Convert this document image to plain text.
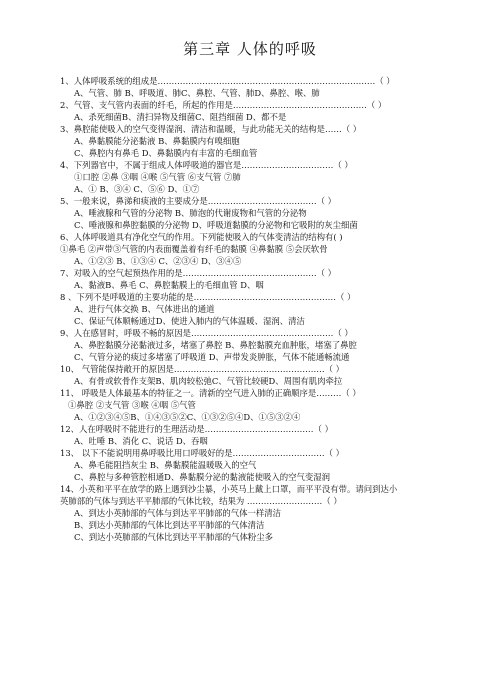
第三章 人体的呼吸
1、人体呼吸系统的组成是……………………………………………………………………（ ）
A、气管、肺 B、呼吸道、肺C、鼻腔、气管、肺D、鼻腔、喉、肺
2、气管、支气管内表面的纤毛，所起的作用是…………………………………………（ ）
A、杀死细菌B、清扫异物及细菌C、阻挡细菌 D、都不是
3、鼻腔能使吸入的空气变得湿润、清洁和温暖，与此功能无关的结构是……（ ）
A、鼻黏膜能分泌黏液 B、鼻黏膜内有嗅细胞
C、鼻腔内有鼻毛 D、鼻黏膜内有丰富的毛细血管
4、下列器官中，不属于组成人体呼吸道的器官是……………………………（ ）
①口腔 ②鼻 ③咽 ④喉 ⑤气管 ⑥支气管 ⑦肺
A、① B、③④ C、⑤⑥ D、①⑦
5、一般来说，鼻涕和痰液的主要成分是…………………………………（ ）
A、唾液腺和气管的分泌物 B、肺泡的代谢废物和气管的分泌物
C、唾液腺和鼻腔黏膜的分泌物 D、呼吸道黏膜的分泌物和它吸附的灰尘细菌
6、人体呼吸道具有净化空气的作用。下列能使吸入的气体变清洁的结构有( )
①鼻毛 ②声带③气管的内表面覆盖着有纤毛的黏膜 ④鼻黏膜 ⑤会厌软骨
A、①②③ B、①③④ C、②③④ D、③④⑤
7、对吸入的空气起预热作用的是…………………………………………（ ）
A、黏液B、鼻毛 C、鼻腔黏膜上的毛细血管 D、咽
8 、下列不是呼吸道的主要功能的是……………………………………………（ ）
A、进行气体交换 B、气体进出的通道
C、保证气体顺畅通过D、使进入肺内的气体温暖、湿润、清洁
9、人在感冒时，呼吸不畅的原因是……………………………………………（ ）
A、鼻腔黏膜分泌黏液过多，堵塞了鼻腔 B、鼻腔黏膜充血肿胀，堵塞了鼻腔
C、气管分泌的痰过多堵塞了呼吸道 D、声带发炎肿胀，气体不能通畅流通
10、 气管能保持敞开的原因是………………………………………………（ ）
A、有骨或软骨作支架B、肌肉较松弛C、气管比较硬D、周围有肌肉牵拉
11、 呼吸是人体最基本的特征之一。清新的空气进入肺的正确顺序是………（ ）
①鼻腔 ②支气管 ③喉 ④咽 ⑤气管
A、①②③④⑤B、①④③⑤②C、①③②⑤④D、①⑤③②④
12、人在呼吸时不能进行的生理活动是…………………………………（ ）
A、吐唾 B、消化 C、说话 D、吞咽
13、 以下不能说明用鼻呼吸比用口呼吸好的是……………………………（ ）
A、鼻毛能阻挡灰尘 B、鼻黏膜能温暖吸入的空气
C、鼻腔与多种管腔相通D、鼻黏膜分泌的黏液能使吸入的空气变湿润
14、小英和平平在放学的路上遇到沙尘暴，小英马上戴上口罩，而平平没有带。请问到达小
英肺部的气体与到达平平肺部的气体比较，结果为 ………………………（ ）
A、到达小英肺部的气体与到达平平肺部的气体一样清洁
B、到达小英肺部的气体比到达平平肺部的气体清洁
C、到达小英肺部的气体比到达平平肺部的气体粉尘多
